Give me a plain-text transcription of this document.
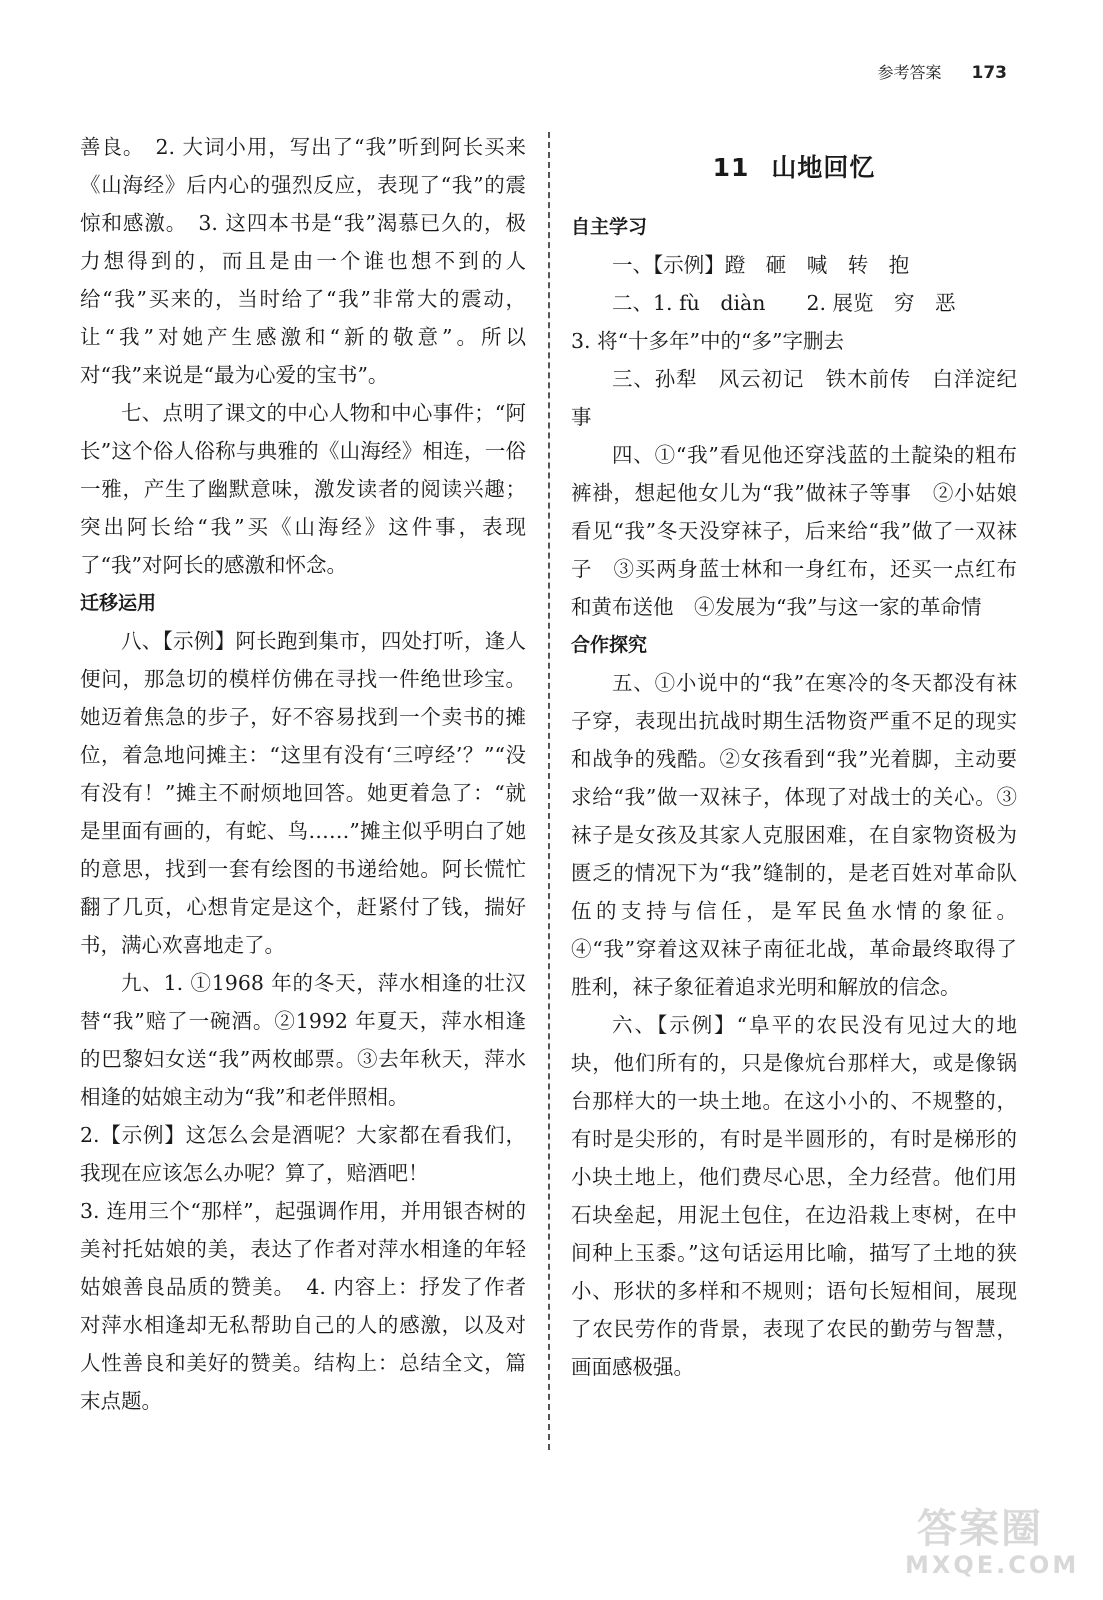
参考答案 173

善良。　2. 大词小用，写出了“我”听到阿长买来《山海经》后内心的强烈反应，表现了“我”的震惊和感激。　3. 这四本书是“我”渴慕已久的，极力想得到的，而且是由一个谁也想不到的人给“我”买来的，当时给了“我”非常大的震动，让“我”对她产生感激和“新的敬意”。所以对“我”来说是“最为心爱的宝书”。

七、点明了课文的中心人物和中心事件；“阿长”这个俗人俗称与典雅的《山海经》相连，一俗一雅，产生了幽默意味，激发读者的阅读兴趣；突出阿长给“我”买《山海经》这件事，表现了“我”对阿长的感激和怀念。

迁移运用

八、【示例】阿长跑到集市，四处打听，逢人便问，那急切的模样仿佛在寻找一件绝世珍宝。她迈着焦急的步子，好不容易找到一个卖书的摊位，着急地问摊主：“这里有没有‘三哼经’？”“没有没有！”摊主不耐烦地回答。她更着急了：“就是里面有画的，有蛇、鸟……”摊主似乎明白了她的意思，找到一套有绘图的书递给她。阿长慌忙翻了几页，心想肯定是这个，赶紧付了钱，揣好书，满心欢喜地走了。

九、1. ①1968 年的冬天，萍水相逢的壮汉替“我”赔了一碗酒。②1992 年夏天，萍水相逢的巴黎妇女送“我”两枚邮票。③去年秋天，萍水相逢的姑娘主动为“我”和老伴照相。

2.【示例】这怎么会是酒呢？大家都在看我们，我现在应该怎么办呢？算了，赔酒吧！

3. 连用三个“那样”，起强调作用，并用银杏树的美衬托姑娘的美，表达了作者对萍水相逢的年轻姑娘善良品质的赞美。　4. 内容上：抒发了作者对萍水相逢却无私帮助自己的人的感激，以及对人性善良和美好的赞美。结构上：总结全文，篇末点题。

11 山地回忆

自主学习

一、【示例】蹬　砸　喊　转　抱

二、1. fù　diàn　　2. 展览　穷　恶

3. 将“十多年”中的“多”字删去

三、孙犁　风云初记　铁木前传　白洋淀纪事

四、①“我”看见他还穿浅蓝的土靛染的粗布裤褂，想起他女儿为“我”做袜子等事　②小姑娘看见“我”冬天没穿袜子，后来给“我”做了一双袜子　③买两身蓝士林和一身红布，还买一点红布和黄布送他　④发展为“我”与这一家的革命情

合作探究

五、①小说中的“我”在寒冷的冬天都没有袜子穿，表现出抗战时期生活物资严重不足的现实和战争的残酷。②女孩看到“我”光着脚，主动要求给“我”做一双袜子，体现了对战士的关心。③袜子是女孩及其家人克服困难，在自家物资极为匮乏的情况下为“我”缝制的，是老百姓对革命队伍的支持与信任，是军民鱼水情的象征。④“我”穿着这双袜子南征北战，革命最终取得了胜利，袜子象征着追求光明和解放的信念。

六、【示例】“阜平的农民没有见过大的地块，他们所有的，只是像炕台那样大，或是像锅台那样大的一块土地。在这小小的、不规整的，有时是尖形的，有时是半圆形的，有时是梯形的小块土地上，他们费尽心思，全力经营。他们用石块垒起，用泥土包住，在边沿栽上枣树，在中间种上玉黍。”这句话运用比喻，描写了土地的狭小、形状的多样和不规则；语句长短相间，展现了农民劳作的背景，表现了农民的勤劳与智慧，画面感极强。

答案圈
MXQE.COM
